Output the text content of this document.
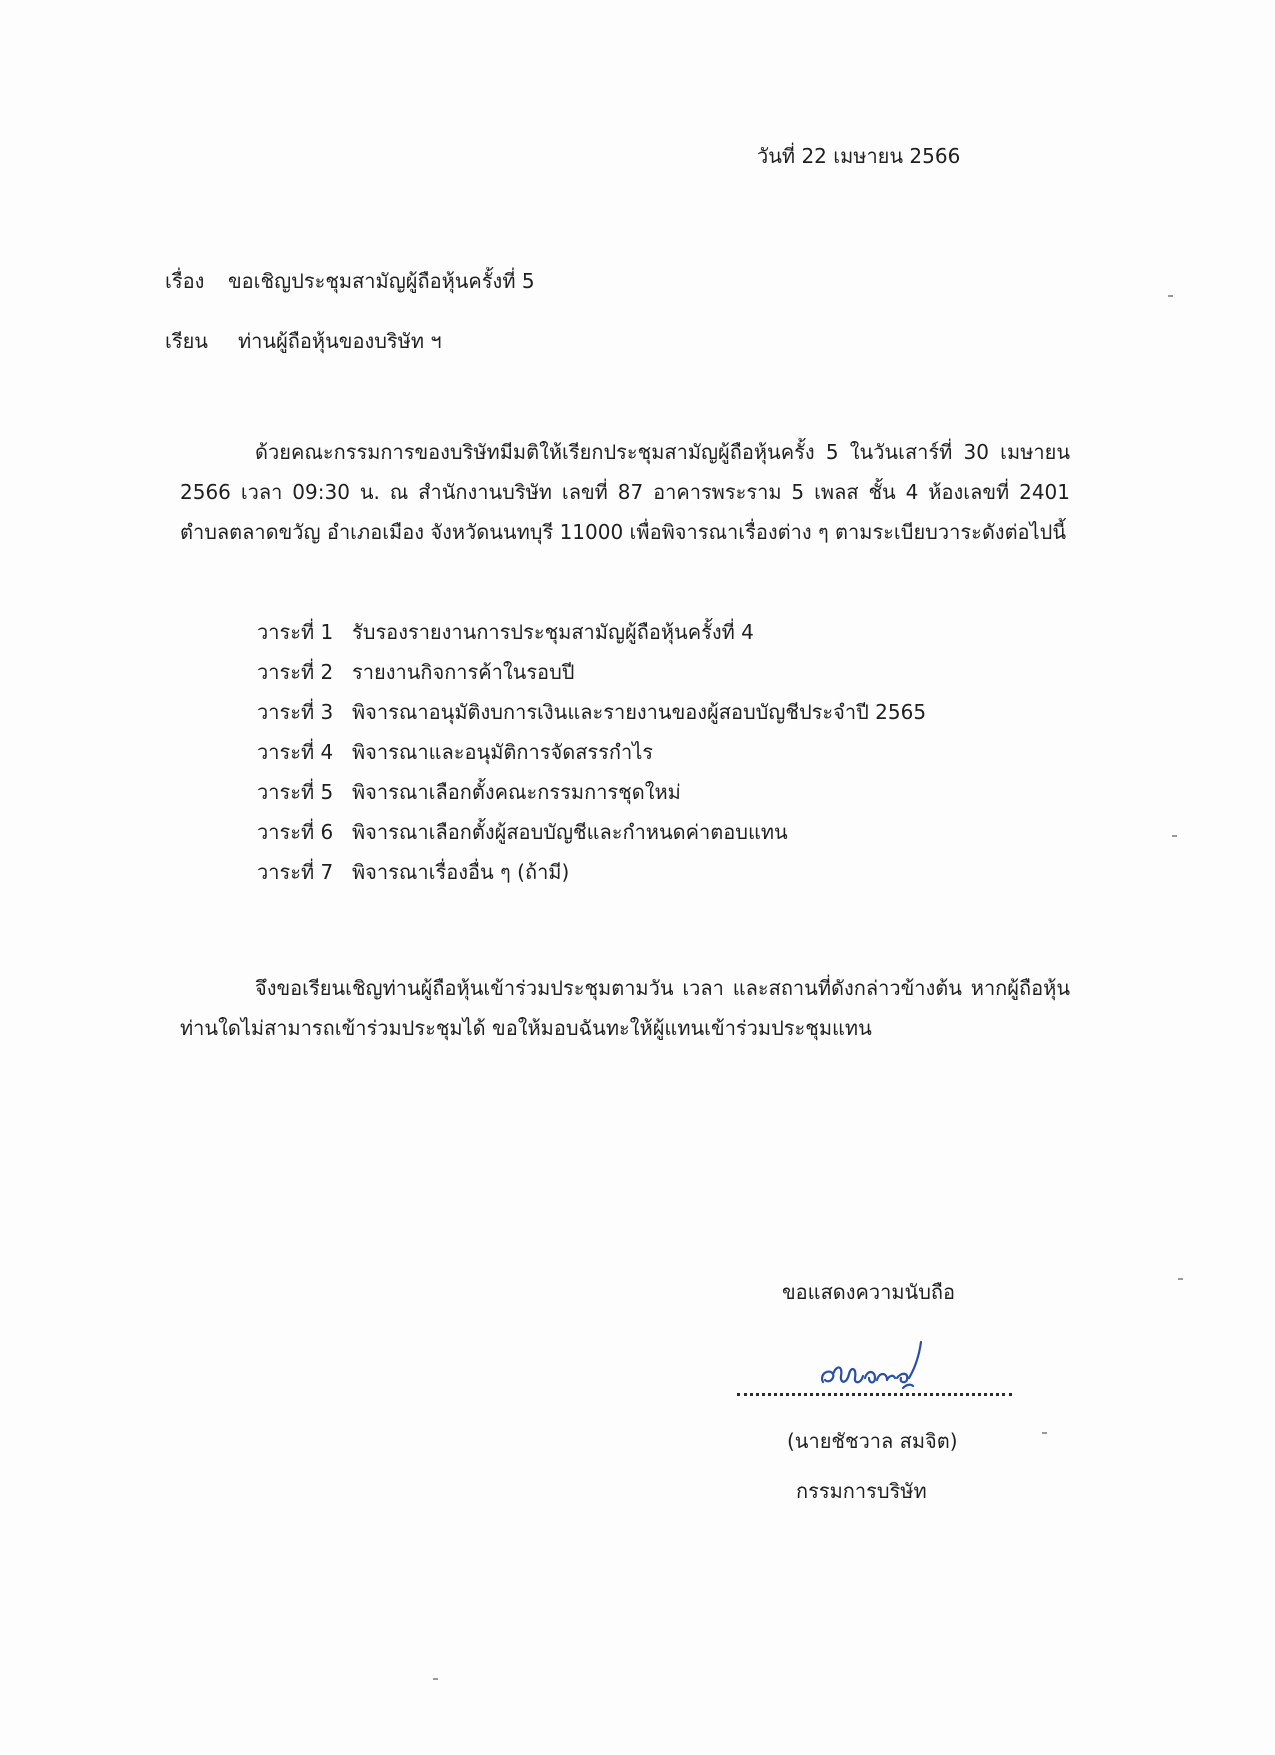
วันที่ 22 เมษายน 2566
เรื่อง ขอเชิญประชุมสามัญผู้ถือหุ้นครั้งที่ 5
เรียน ท่านผู้ถือหุ้นของบริษัท ฯ

ด้วยคณะกรรมการของบริษัทมีมติให้เรียกประชุมสามัญผู้ถือหุ้นครั้ง 5 ในวันเสาร์ที่ 30 เมษายน 2566 เวลา 09:30 น. ณ สำนักงานบริษัท เลขที่ 87 อาคารพระราม 5 เพลส ชั้น 4 ห้องเลขที่ 2401 ตำบลตลาดขวัญ อำเภอเมือง จังหวัดนนทบุรี 11000 เพื่อพิจารณาเรื่องต่าง ๆ ตามระเบียบวาระดังต่อไปนี้

วาระที่ 1 รับรองรายงานการประชุมสามัญผู้ถือหุ้นครั้งที่ 4
วาระที่ 2 รายงานกิจการค้าในรอบปี
วาระที่ 3 พิจารณาอนุมัติงบการเงินและรายงานของผู้สอบบัญชีประจำปี 2565
วาระที่ 4 พิจารณาและอนุมัติการจัดสรรกำไร
วาระที่ 5 พิจารณาเลือกตั้งคณะกรรมการชุดใหม่
วาระที่ 6 พิจารณาเลือกตั้งผู้สอบบัญชีและกำหนดค่าตอบแทน
วาระที่ 7 พิจารณาเรื่องอื่น ๆ (ถ้ามี)

จึงขอเรียนเชิญท่านผู้ถือหุ้นเข้าร่วมประชุมตามวัน เวลา และสถานที่ดังกล่าวข้างต้น หากผู้ถือหุ้นท่านใดไม่สามารถเข้าร่วมประชุมได้ ขอให้มอบฉันทะให้ผู้แทนเข้าร่วมประชุมแทน

ขอแสดงความนับถือ
(นายชัชวาล สมจิต)
กรรมการบริษัท
